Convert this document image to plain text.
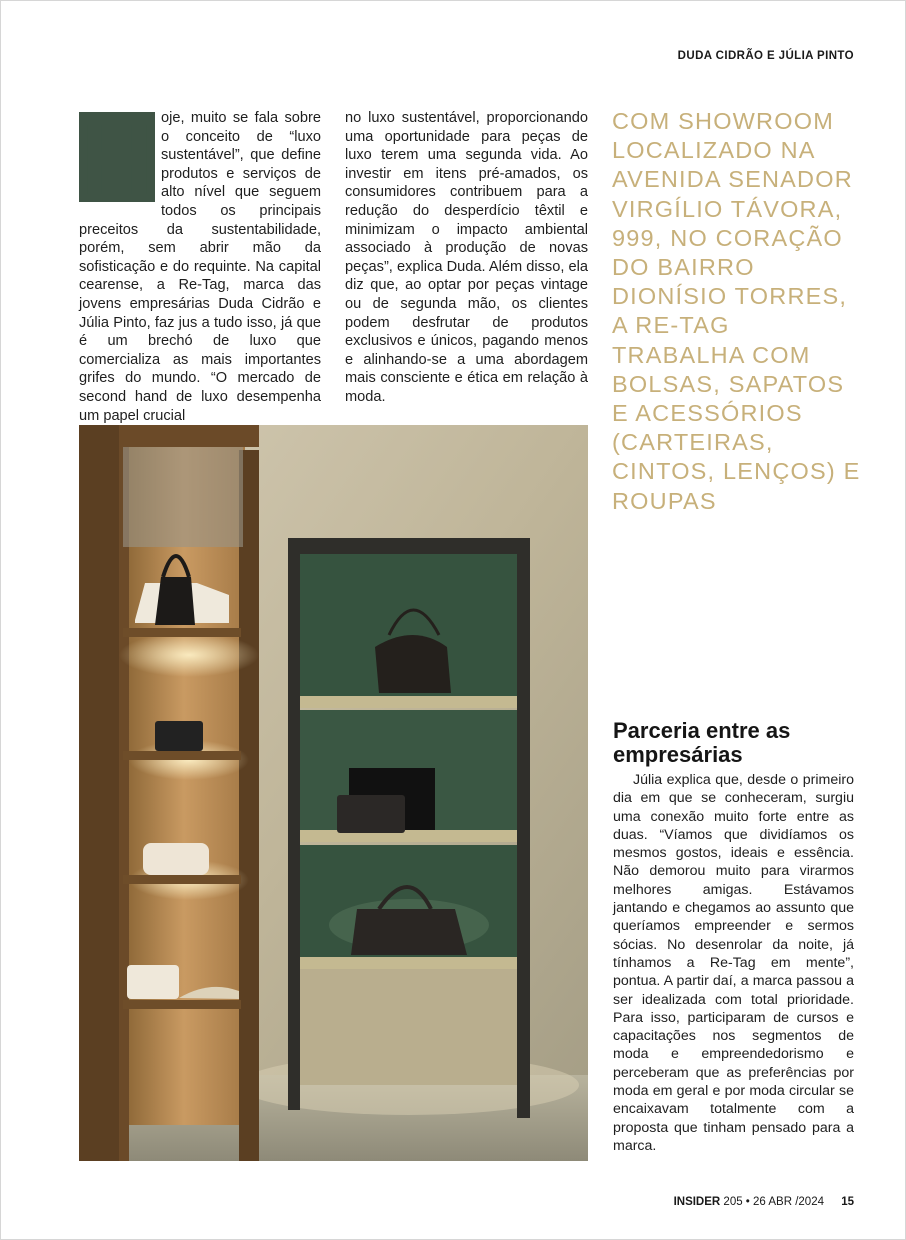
DUDA CIDRÃO E JÚLIA PINTO
H oje, muito se fala sobre o conceito de “luxo sustentável”, que define produtos e serviços de alto nível que seguem todos os principais preceitos da sustentabilidade, porém, sem abrir mão da sofisticação e do requinte. Na capital cearense, a Re-Tag, marca das jovens empresárias Duda Cidrão e Júlia Pinto, faz jus a tudo isso, já que é um brechó de luxo que comercializa as mais importantes grifes do mundo. “O mercado de second hand de luxo desempenha um papel crucial

no luxo sustentável, proporcionando uma oportunidade para peças de luxo terem uma segunda vida. Ao investir em itens pré-amados, os consumidores contribuem para a redução do desperdício têxtil e minimizam o impacto ambiental associado à produção de novas peças”, explica Duda. Além disso, ela diz que, ao optar por peças vintage ou de segunda mão, os clientes podem desfrutar de produtos exclusivos e únicos, pagando menos e alinhando-se a uma abordagem mais consciente e ética em relação à moda.

COM SHOWROOM LOCALIZADO NA AVENIDA SENADOR VIRGÍLIO TÁVORA, 999, NO CORAÇÃO DO BAIRRO DIONÍSIO TORRES, A RE-TAG TRABALHA COM BOLSAS, SAPATOS E ACESSÓRIOS (CARTEIRAS, CINTOS, LENÇOS) E ROUPAS
Parceria entre as empresárias

Júlia explica que, desde o primeiro dia em que se conheceram, surgiu uma conexão muito forte entre as duas. “Víamos que dividíamos os mesmos gostos, ideais e essência. Não demorou muito para virarmos melhores amigas. Estávamos jantando e chegamos ao assunto que queríamos empreender e sermos sócias. No desenrolar da noite, já tínhamos a Re-Tag em mente”, pontua. A partir daí, a marca passou a ser idealizada com total prioridade. Para isso, participaram de cursos e capacitações nos segmentos de moda e empreendedorismo e perceberam que as preferências por moda em geral e por moda circular se encaixavam totalmente com a proposta que tinham pensado para a marca.

INSIDER 205 • 26 ABR /2024 15
